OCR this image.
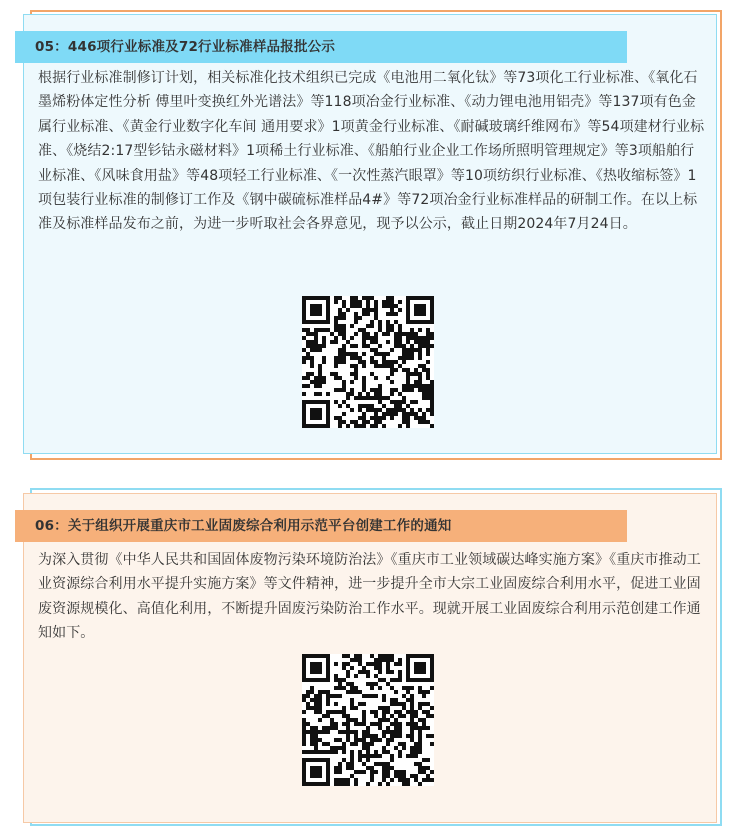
05：446项行业标准及72行业标准样品报批公示
根据行业标准制修订计划，相关标准化技术组织已完成《电池用二氧化钛》等73项化工行业标准、《氧化石墨烯粉体定性分析 傅里叶变换红外光谱法》等118项冶金行业标准、《动力锂电池用铝壳》等137项有色金属行业标准、《黄金行业数字化车间 通用要求》1项黄金行业标准、《耐碱玻璃纤维网布》等54项建材行业标准、《烧结2:17型钐钴永磁材料》1项稀土行业标准、《船舶行业企业工作场所照明管理规定》等3项船舶行业标准、《风味食用盐》等48项轻工行业标准、《一次性蒸汽眼罩》等10项纺织行业标准、《热收缩标签》1项包装行业标准的制修订工作及《钢中碳硫标准样品4#》等72项冶金行业标准样品的研制工作。在以上标准及标准样品发布之前，为进一步听取社会各界意见，现予以公示，截止日期2024年7月24日。
06：关于组织开展重庆市工业固废综合利用示范平台创建工作的通知
为深入贯彻《中华人民共和国固体废物污染环境防治法》《重庆市工业领域碳达峰实施方案》《重庆市推动工业资源综合利用水平提升实施方案》等文件精神，进一步提升全市大宗工业固废综合利用水平，促进工业固废资源规模化、高值化利用，不断提升固废污染防治工作水平。现就开展工业固废综合利用示范创建工作通知如下。
